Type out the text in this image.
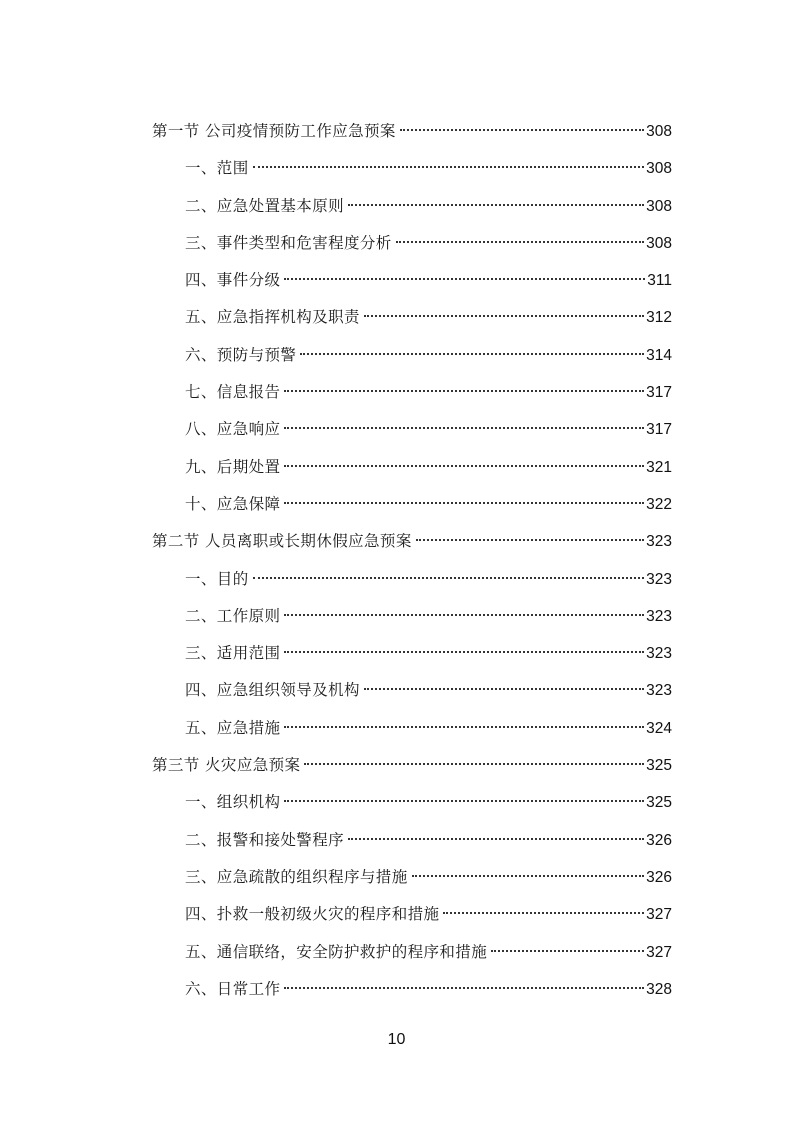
第一节 公司疫情预防工作应急预案	308
一、范围	308
二、应急处置基本原则	308
三、事件类型和危害程度分析	308
四、事件分级	311
五、应急指挥机构及职责	312
六、预防与预警	314
七、信息报告	317
八、应急响应	317
九、后期处置	321
十、应急保障	322
第二节 人员离职或长期休假应急预案	323
一、目的	323
二、工作原则	323
三、适用范围	323
四、应急组织领导及机构	323
五、应急措施	324
第三节 火灾应急预案	325
一、组织机构	325
二、报警和接处警程序	326
三、应急疏散的组织程序与措施	326
四、扑救一般初级火灾的程序和措施	327
五、通信联络，安全防护救护的程序和措施	327
六、日常工作	328
10
